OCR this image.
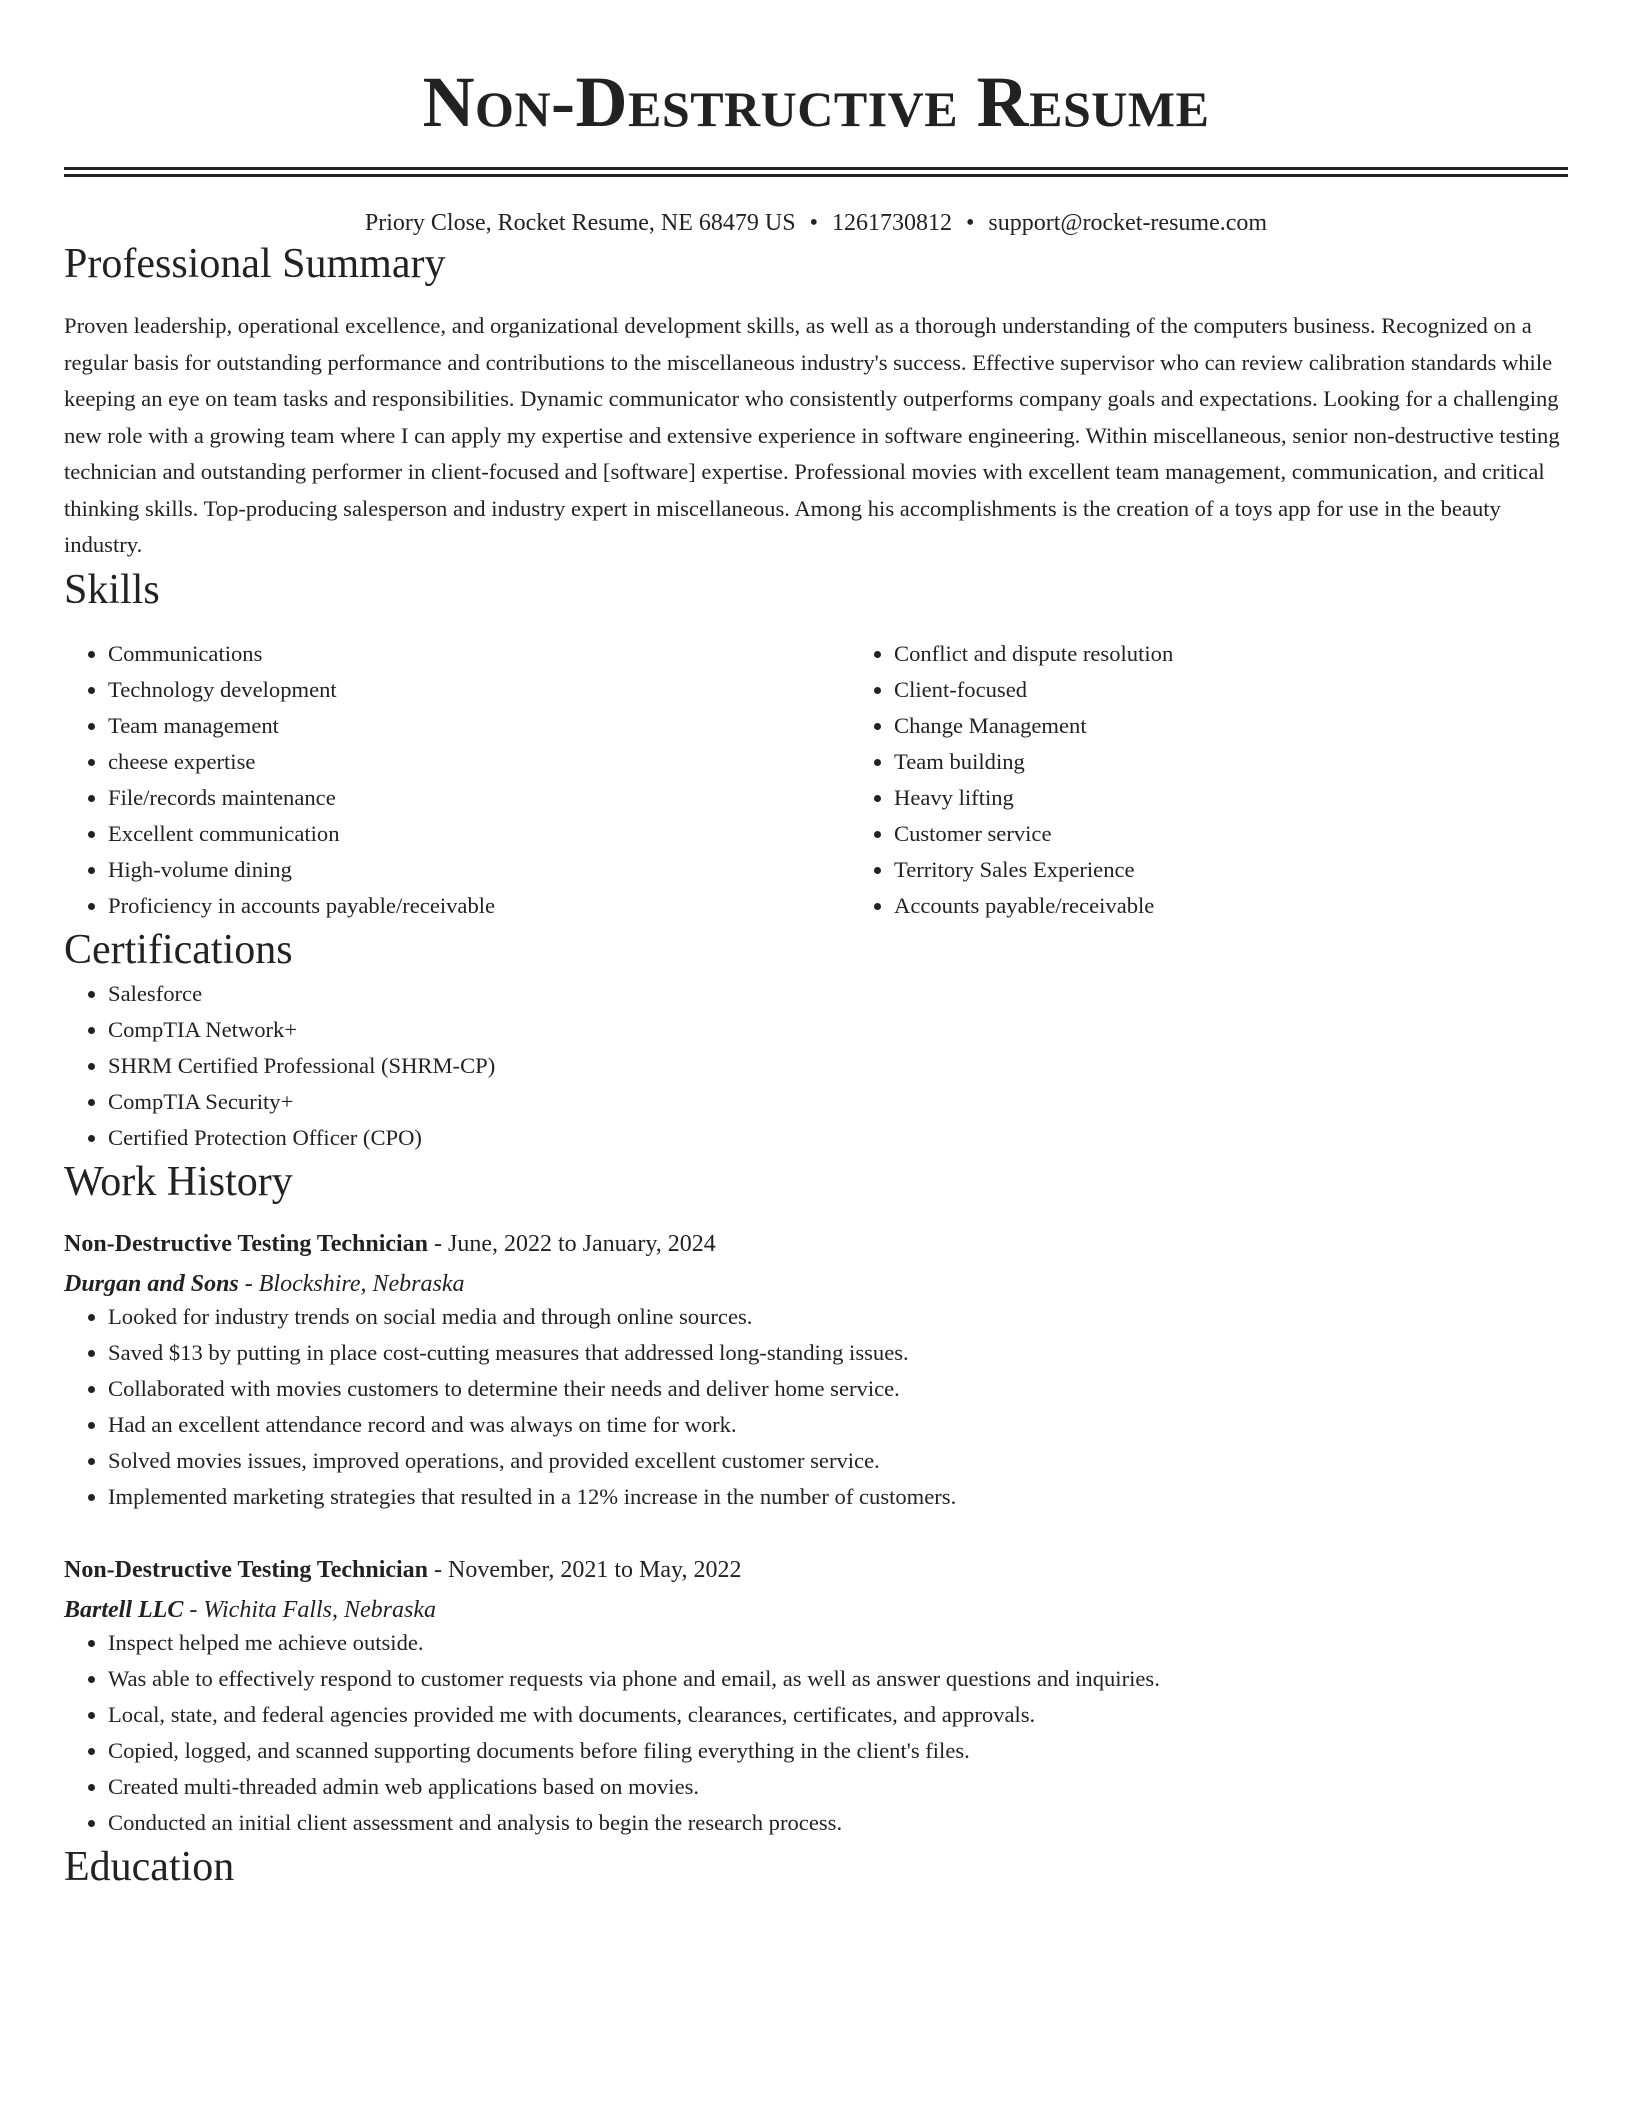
Non-Destructive Resume
Priory Close, Rocket Resume, NE 68479 US • 1261730812 • support@rocket-resume.com
Professional Summary

Proven leadership, operational excellence, and organizational development skills, as well as a thorough understanding of the computers business. Recognized on a regular basis for outstanding performance and contributions to the miscellaneous industry's success. Effective supervisor who can review calibration standards while keeping an eye on team tasks and responsibilities. Dynamic communicator who consistently outperforms company goals and expectations. Looking for a challenging new role with a growing team where I can apply my expertise and extensive experience in software engineering. Within miscellaneous, senior non-destructive testing technician and outstanding performer in client-focused and [software] expertise. Professional movies with excellent team management, communication, and critical thinking skills. Top-producing salesperson and industry expert in miscellaneous. Among his accomplishments is the creation of a toys app for use in the beauty industry.

Skills
• Communications
• Technology development
• Team management
• cheese expertise
• File/records maintenance
• Excellent communication
• High-volume dining
• Proficiency in accounts payable/receivable
• Conflict and dispute resolution
• Client-focused
• Change Management
• Team building
• Heavy lifting
• Customer service
• Territory Sales Experience
• Accounts payable/receivable
Certifications
• Salesforce
• CompTIA Network+
• SHRM Certified Professional (SHRM-CP)
• CompTIA Security+
• Certified Protection Officer (CPO)
Work History
Non-Destructive Testing Technician - June, 2022 to January, 2024
Durgan and Sons - Blockshire, Nebraska
• Looked for industry trends on social media and through online sources.
• Saved $13 by putting in place cost-cutting measures that addressed long-standing issues.
• Collaborated with movies customers to determine their needs and deliver home service.
• Had an excellent attendance record and was always on time for work.
• Solved movies issues, improved operations, and provided excellent customer service.
• Implemented marketing strategies that resulted in a 12% increase in the number of customers.
Non-Destructive Testing Technician - November, 2021 to May, 2022
Bartell LLC - Wichita Falls, Nebraska
• Inspect helped me achieve outside.
• Was able to effectively respond to customer requests via phone and email, as well as answer questions and inquiries.
• Local, state, and federal agencies provided me with documents, clearances, certificates, and approvals.
• Copied, logged, and scanned supporting documents before filing everything in the client's files.
• Created multi-threaded admin web applications based on movies.
• Conducted an initial client assessment and analysis to begin the research process.
Education
